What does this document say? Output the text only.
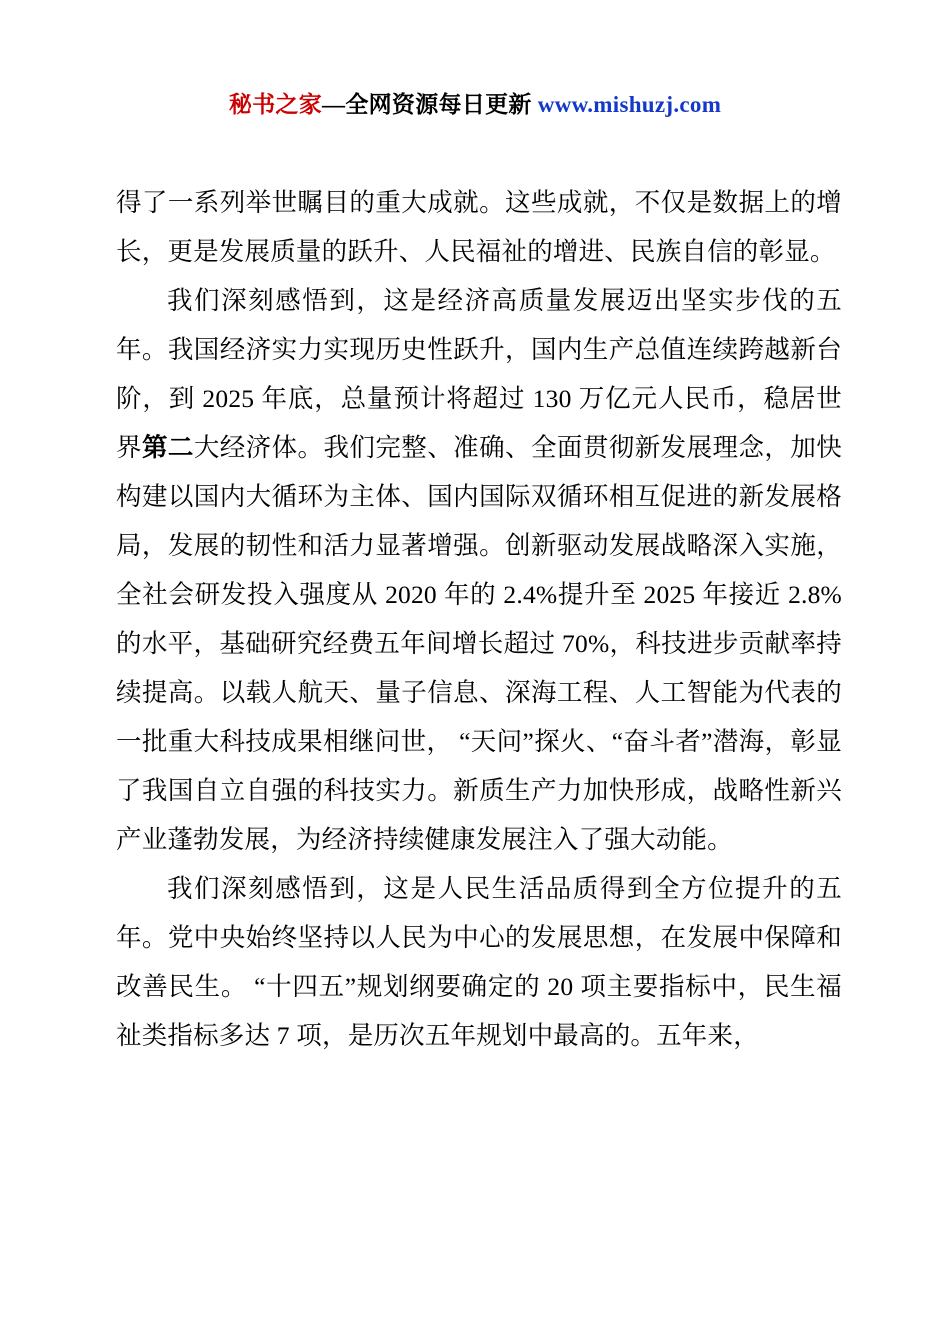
秘书之家—全网资源每日更新 www.mishuzj.com

得了一系列举世瞩目的重大成就。这些成就，不仅是数据上的增长，更是发展质量的跃升、人民福祉的增进、民族自信的彰显。

我们深刻感悟到，这是经济高质量发展迈出坚实步伐的五年。我国经济实力实现历史性跃升，国内生产总值连续跨越新台阶，到 2025 年底，总量预计将超过 130 万亿元人民币，稳居世界第二大经济体。我们完整、准确、全面贯彻新发展理念，加快构建以国内大循环为主体、国内国际双循环相互促进的新发展格局，发展的韧性和活力显著增强。创新驱动发展战略深入实施，全社会研发投入强度从 2020 年的 2.4%提升至 2025 年接近 2.8%的水平，基础研究经费五年间增长超过 70%，科技进步贡献率持续提高。以载人航天、量子信息、深海工程、人工智能为代表的一批重大科技成果相继问世， “天问”探火、“奋斗者”潜海，彰显了我国自立自强的科技实力。新质生产力加快形成，战略性新兴产业蓬勃发展，为经济持续健康发展注入了强大动能。

我们深刻感悟到，这是人民生活品质得到全方位提升的五年。党中央始终坚持以人民为中心的发展思想，在发展中保障和改善民生。 “十四五”规划纲要确定的 20 项主要指标中，民生福祉类指标多达 7 项，是历次五年规划中最高的。五年来，
